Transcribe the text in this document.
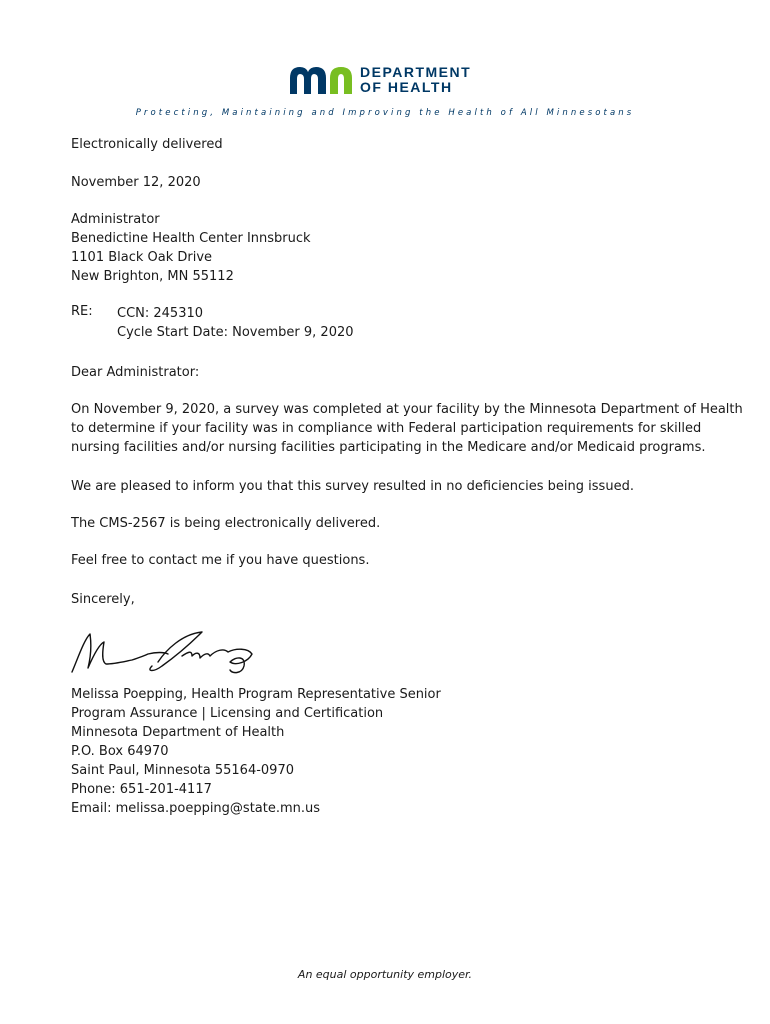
DEPARTMENT
OF HEALTH
Protecting, Maintaining and Improving the Health of All Minnesotans
Electronically delivered
November 12, 2020
Administrator
Benedictine Health Center Innsbruck
1101 Black Oak Drive
New Brighton, MN 55112
RE: CCN: 245310
Cycle Start Date: November 9, 2020
Dear Administrator:
On November 9, 2020, a survey was completed at your facility by the Minnesota Department of Health
to determine if your facility was in compliance with Federal participation requirements for skilled
nursing facilities and/or nursing facilities participating in the Medicare and/or Medicaid programs.
We are pleased to inform you that this survey resulted in no deficiencies being issued.
The CMS-2567 is being electronically delivered.
Feel free to contact me if you have questions.
Sincerely,
Melissa Poepping, Health Program Representative Senior
Program Assurance | Licensing and Certification
Minnesota Department of Health
P.O. Box 64970
Saint Paul, Minnesota 55164-0970
Phone: 651-201-4117
Email: melissa.poepping@state.mn.us
An equal opportunity employer.
